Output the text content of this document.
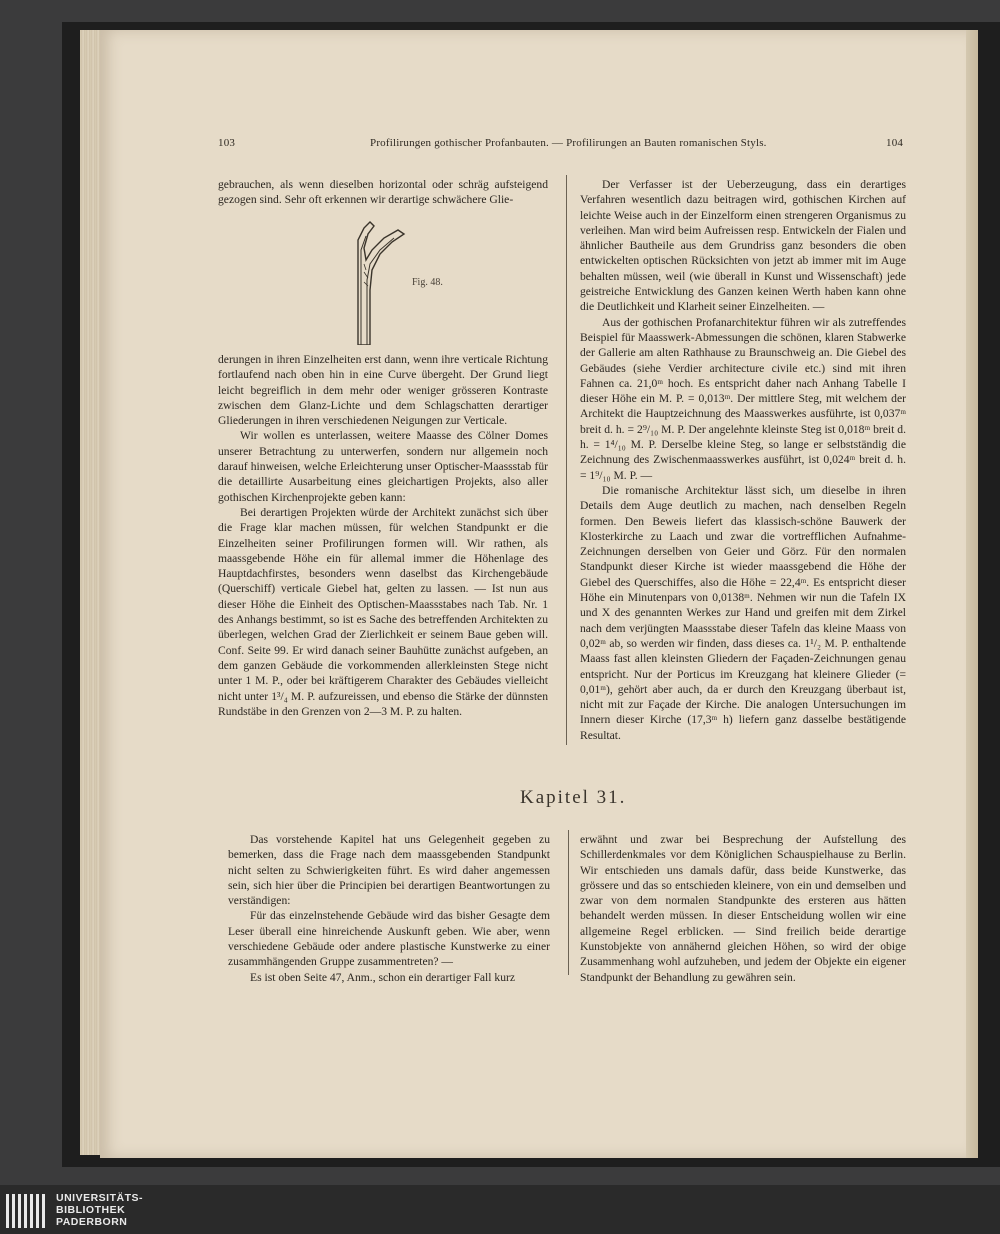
103	Profilirungen gothischer Profanbauten. — Profilirungen an Bauten romanischen Styls.	104

gebrauchen, als wenn dieselben horizontal oder schräg aufsteigend gezogen sind. Sehr oft erkennen wir derartige schwächere Glie-

Fig. 48.

derungen in ihren Einzelheiten erst dann, wenn ihre verticale Richtung fortlaufend nach oben hin in eine Curve übergeht. Der Grund liegt leicht begreiflich in dem mehr oder weniger grösseren Kontraste zwischen dem Glanz-Lichte und dem Schlagschatten derartiger Gliederungen in ihren verschiedenen Neigungen zur Verticale.

Wir wollen es unterlassen, weitere Maasse des Cölner Domes unserer Betrachtung zu unterwerfen, sondern nur allgemein noch darauf hinweisen, welche Erleichterung unser Optischer-Maassstab für die detaillirte Ausarbeitung eines gleichartigen Projekts, also aller gothischen Kirchenprojekte geben kann:

Bei derartigen Projekten würde der Architekt zunächst sich über die Frage klar machen müssen, für welchen Standpunkt er die Einzelheiten seiner Profilirungen formen will. Wir rathen, als maassgebende Höhe ein für allemal immer die Höhenlage des Hauptdachfirstes, besonders wenn daselbst das Kirchengebäude (Querschiff) verticale Giebel hat, gelten zu lassen. — Ist nun aus dieser Höhe die Einheit des Optischen-Maassstabes nach Tab. Nr. 1 des Anhangs bestimmt, so ist es Sache des betreffenden Architekten zu überlegen, welchen Grad der Zierlichkeit er seinem Baue geben will. Conf. Seite 99. Er wird danach seiner Bauhütte zunächst aufgeben, an dem ganzen Gebäude die vorkommenden allerkleinsten Stege nicht unter 1 M. P., oder bei kräftigerem Charakter des Gebäudes vielleicht nicht unter 1³/₄ M. P. aufzureissen, und ebenso die Stärke der dünnsten Rundstäbe in den Grenzen von 2—3 M. P. zu halten.

Der Verfasser ist der Ueberzeugung, dass ein derartiges Verfahren wesentlich dazu beitragen wird, gothischen Kirchen auf leichte Weise auch in der Einzelform einen strengeren Organismus zu verleihen. Man wird beim Aufreissen resp. Entwickeln der Fialen und ähnlicher Bautheile aus dem Grundriss ganz besonders die oben entwickelten optischen Rücksichten von jetzt ab immer mit im Auge behalten müssen, weil (wie überall in Kunst und Wissenschaft) jede geistreiche Entwicklung des Ganzen keinen Werth haben kann ohne die Deutlichkeit und Klarheit seiner Einzelheiten. —

Aus der gothischen Profanarchitektur führen wir als zutreffendes Beispiel für Maasswerk-Abmessungen die schönen, klaren Stabwerke der Gallerie am alten Rathhause zu Braunschweig an. Die Giebel des Gebäudes (siehe Verdier architecture civile etc.) sind mit ihren Fahnen ca. 21,0ᵐ hoch. Es entspricht daher nach Anhang Tabelle I dieser Höhe ein M. P. = 0,013ᵐ. Der mittlere Steg, mit welchem der Architekt die Hauptzeichnung des Maasswerkes ausführte, ist 0,037ᵐ breit d. h. = 2⁹/₁₀ M. P. Der angelehnte kleinste Steg ist 0,018ᵐ breit d. h. = 1⁴/₁₀ M. P. Derselbe kleine Steg, so lange er selbstständig die Zeichnung des Zwischenmaasswerkes ausführt, ist 0,024ᵐ breit d. h. = 1⁹/₁₀ M. P. —

Die romanische Architektur lässt sich, um dieselbe in ihren Details dem Auge deutlich zu machen, nach denselben Regeln formen. Den Beweis liefert das klassisch-schöne Bauwerk der Klosterkirche zu Laach und zwar die vortrefflichen Aufnahme-Zeichnungen derselben von Geier und Görz. Für den normalen Standpunkt dieser Kirche ist wieder maassgebend die Höhe der Giebel des Querschiffes, also die Höhe = 22,4ᵐ. Es entspricht dieser Höhe ein Minutenpars von 0,0138ᵐ. Nehmen wir nun die Tafeln IX und X des genannten Werkes zur Hand und greifen mit dem Zirkel nach dem verjüngten Maassstabe dieser Tafeln das kleine Maass von 0,02ᵐ ab, so werden wir finden, dass dieses ca. 1¹/₂ M. P. enthaltende Maass fast allen kleinsten Gliedern der Façaden-Zeichnungen genau entspricht. Nur der Porticus im Kreuzgang hat kleinere Glieder (= 0,01ᵐ), gehört aber auch, da er durch den Kreuzgang überbaut ist, nicht mit zur Façade der Kirche. Die analogen Untersuchungen im Innern dieser Kirche (17,3ᵐ h) liefern ganz dasselbe bestätigende Resultat.

Kapitel 31.

Das vorstehende Kapitel hat uns Gelegenheit gegeben zu bemerken, dass die Frage nach dem maassgebenden Standpunkt nicht selten zu Schwierigkeiten führt. Es wird daher angemessen sein, sich hier über die Principien bei derartigen Beantwortungen zu verständigen:

Für das einzelnstehende Gebäude wird das bisher Gesagte dem Leser überall eine hinreichende Auskunft geben. Wie aber, wenn verschiedene Gebäude oder andere plastische Kunstwerke zu einer zusammhängenden Gruppe zusammentreten? —

Es ist oben Seite 47, Anm., schon ein derartiger Fall kurz

erwähnt und zwar bei Besprechung der Aufstellung des Schillerdenkmales vor dem Königlichen Schauspielhause zu Berlin. Wir entschieden uns damals dafür, dass beide Kunstwerke, das grössere und das so entschieden kleinere, von ein und demselben und zwar von dem normalen Standpunkte des ersteren aus hätten behandelt werden müssen. In dieser Entscheidung wollen wir eine allgemeine Regel erblicken. — Sind freilich beide derartige Kunstobjekte von annähernd gleichen Höhen, so wird der obige Zusammenhang wohl aufzuheben, und jedem der Objekte ein eigener Standpunkt der Behandlung zu gewähren sein.

UNIVERSITÄTS-
BIBLIOTHEK
PADERBORN
